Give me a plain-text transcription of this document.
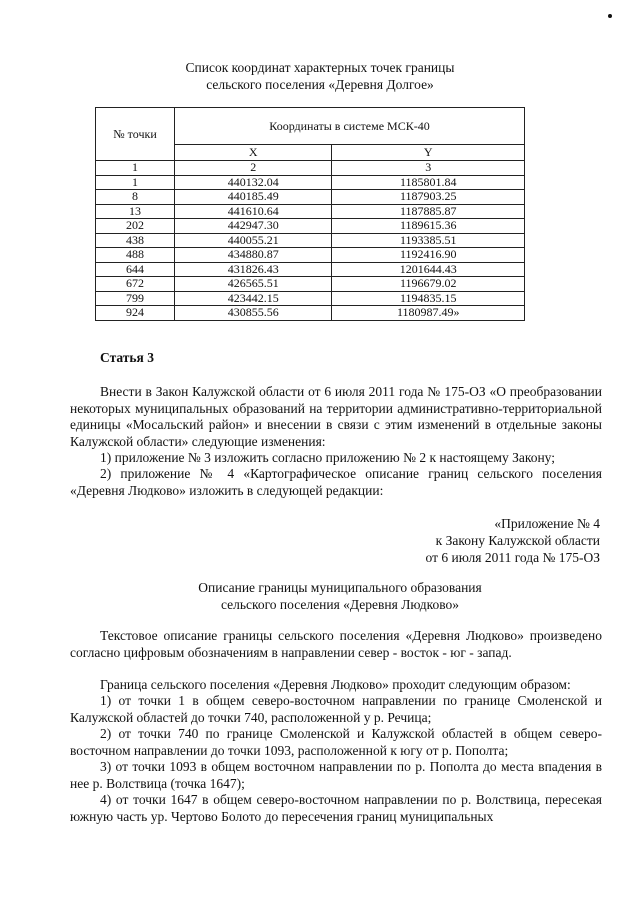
Список координат характерных точек границы
сельского поселения «Деревня Долгое»
№ точки	Координаты в системе МСК-40	
	X	Y
1	2	3
1	440132.04	1185801.84
8	440185.49	1187903.25
13	441610.64	1187885.87
202	442947.30	1189615.36
438	440055.21	1193385.51
488	434880.87	1192416.90
644	431826.43	1201644.43
672	426565.51	1196679.02
799	423442.15	1194835.15
924	430855.56	1180987.49»
Статья 3
Внести в Закон Калужской области от 6 июля 2011 года № 175-ОЗ «О преобразовании некоторых муниципальных образований на территории административно-территориальной единицы «Мосальский район» и внесении в связи с этим изменений в отдельные законы Калужской области» следующие изменения:
1) приложение № 3 изложить согласно приложению № 2 к настоящему Закону;
2) приложение № 4 «Картографическое описание границ сельского поселения «Деревня Людково» изложить в следующей редакции:
«Приложение № 4
к Закону Калужской области
от 6 июля 2011 года № 175-ОЗ
Описание границы муниципального образования
сельского поселения «Деревня Людково»
Текстовое описание границы сельского поселения «Деревня Людково» произведено согласно цифровым обозначениям в направлении север - восток - юг - запад.
Граница сельского поселения «Деревня Людково» проходит следующим образом:
1) от точки 1 в общем северо-восточном направлении по границе Смоленской и Калужской областей до точки 740, расположенной у р. Речица;
2) от точки 740 по границе Смоленской и Калужской областей в общем северо-восточном направлении до точки 1093, расположенной к югу от р. Пополта;
3) от точки 1093 в общем восточном направлении по р. Пополта до места впадения в нее р. Волствица (точка 1647);
4) от точки 1647 в общем северо-восточном направлении по р. Волствица, пересекая южную часть ур. Чертово Болото до пересечения границ муниципальных
